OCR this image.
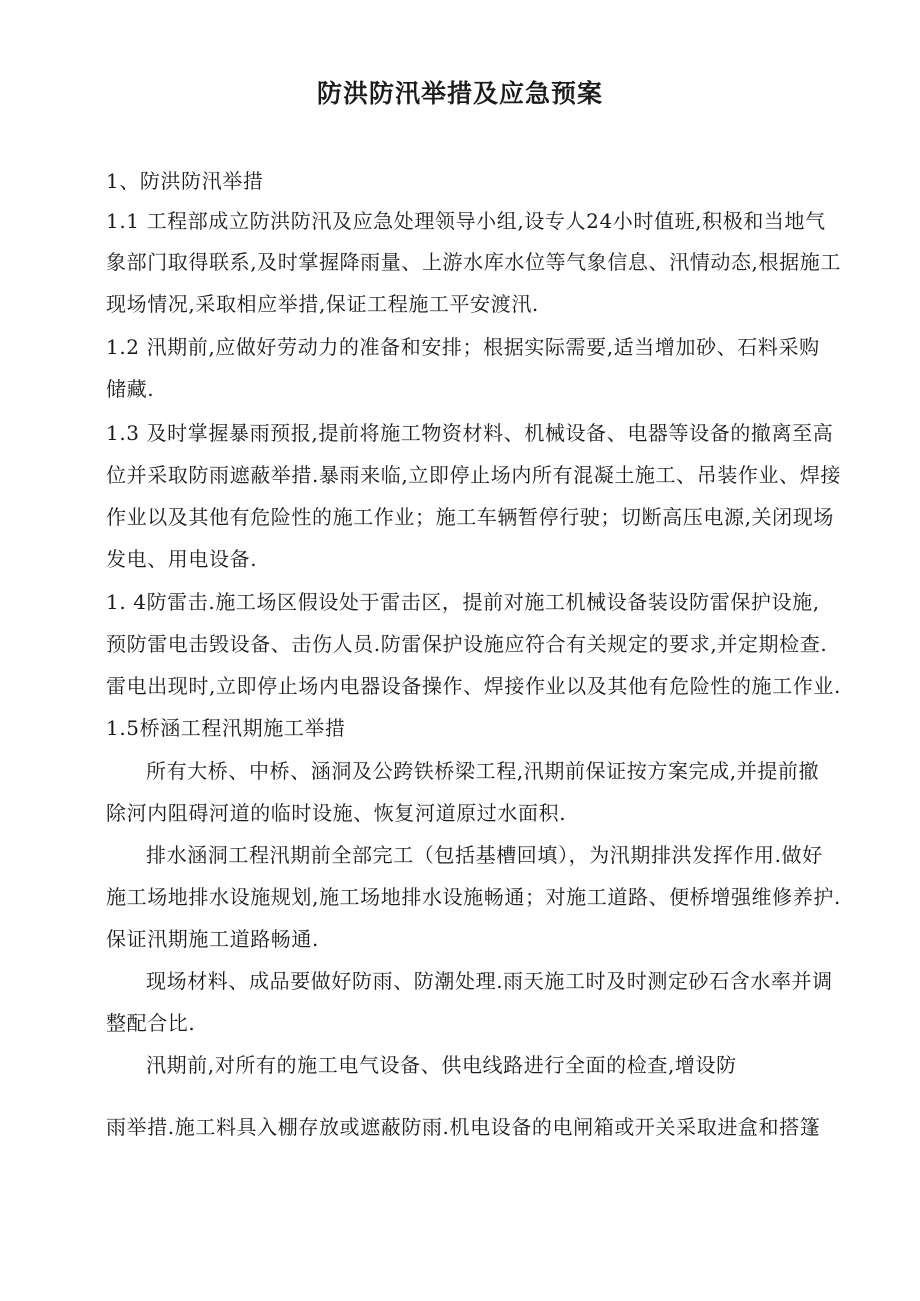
防洪防汛举措及应急预案
1、防洪防汛举措
1.1 工程部成立防洪防汛及应急处理领导小组,设专人24小时值班,积极和当地气
象部门取得联系,及时掌握降雨量、上游水库水位等气象信息、汛情动态,根据施工
现场情况,采取相应举措,保证工程施工平安渡汛.
1.2 汛期前,应做好劳动力的准备和安排；根据实际需要,适当增加砂、石料采购
储藏.
1.3 及时掌握暴雨预报,提前将施工物资材料、机械设备、电器等设备的撤离至高
位并采取防雨遮蔽举措.暴雨来临,立即停止场内所有混凝土施工、吊装作业、焊接
作业以及其他有危险性的施工作业；施工车辆暂停行驶；切断高压电源,关闭现场
发电、用电设备.
1. 4防雷击.施工场区假设处于雷击区，提前对施工机械设备装设防雷保护设施,
预防雷电击毁设备、击伤人员.防雷保护设施应符合有关规定的要求,并定期检查.
雷电出现时,立即停止场内电器设备操作、焊接作业以及其他有危险性的施工作业.
1.5桥涵工程汛期施工举措
所有大桥、中桥、涵洞及公跨铁桥梁工程,汛期前保证按方案完成,并提前撤
除河内阻碍河道的临时设施、恢复河道原过水面积.
排水涵洞工程汛期前全部完工（包括基槽回填），为汛期排洪发挥作用.做好
施工场地排水设施规划,施工场地排水设施畅通；对施工道路、便桥增强维修养护.
保证汛期施工道路畅通.
现场材料、成品要做好防雨、防潮处理.雨天施工时及时测定砂石含水率并调
整配合比.
汛期前,对所有的施工电气设备、供电线路进行全面的检查,增设防
雨举措.施工料具入棚存放或遮蔽防雨.机电设备的电闸箱或开关采取进盒和搭篷
